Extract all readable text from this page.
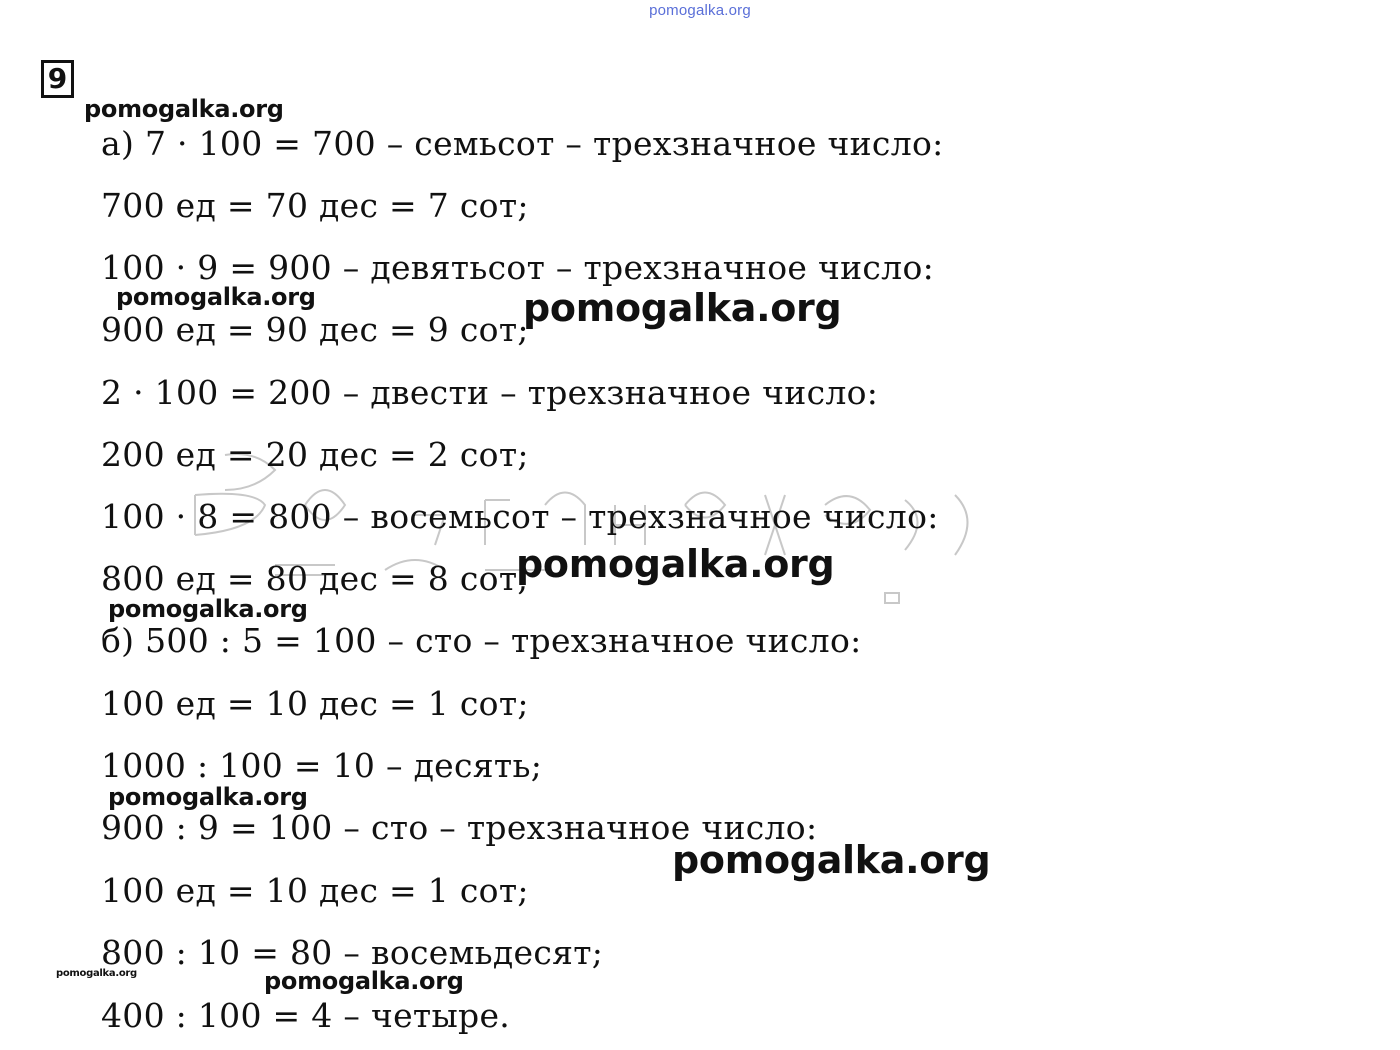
pomogalka.org
9
а) 7 · 100 = 700 – семьсот – трехзначное число:
700 ед = 70 дес = 7 сот;
100 · 9 = 900 – девятьсот – трехзначное число:
900 ед = 90 дес = 9 сот;
2 · 100 = 200 – двести – трехзначное число:
200 ед = 20 дес = 2 сот;
100 · 8 = 800 – восемьсот – трехзначное число:
800 ед = 80 дес = 8 сот;
б) 500 : 5 = 100 – сто – трехзначное число:
100 ед = 10 дес = 1 сот;
1000 : 100 = 10 – десять;
900 : 9 = 100 – сто – трехзначное число:
100 ед = 10 дес = 1 сот;
800 : 10 = 80 – восемьдесят;
400 : 100 = 4 – четыре.
pomogalka.org
pomogalka.org	pomogalka.org
pomogalka.org
pomogalka.org
pomogalka.org
pomogalka.org
pomogalka.org	pomogalka.org
